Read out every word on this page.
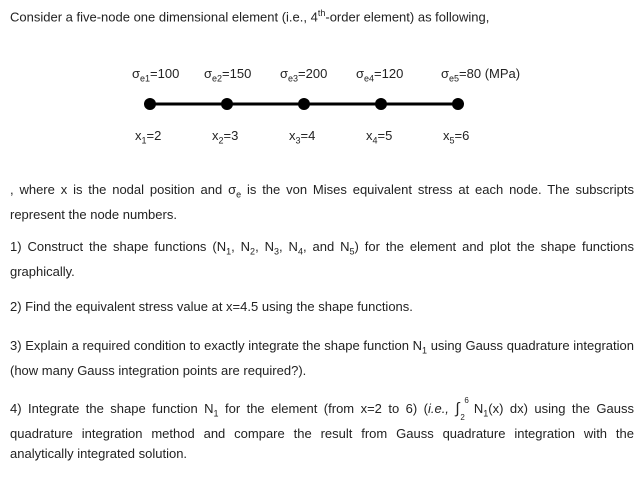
Consider a five-node one dimensional element (i.e., 4th-order element) as following,
$\sigma_{e1}=100$ $\sigma_{e2}=150$ $\sigma_{e3}=200$ $\sigma_{e4}=120$	$\sigma_{e5}=80$ (MPa)
$x_1=2$	$x_2=3$	$x_3=4$	$x_4=5$	$x_5=6$
, where x is the nodal position and $\sigma_e$ is the von Mises equivalent stress at each node. The subscripts represent the node numbers.
1) Construct the shape functions ($N_1$, $N_2$, $N_3$, $N_4$, and $N_5$) for the element and plot the shape functions graphically.
2) Find the equivalent stress value at x=4.5 using the shape functions.
3) Explain a required condition to exactly integrate the shape function $N_1$ using Gauss quadrature integration (how many Gauss integration points are required?).
4) Integrate the shape function $N_1$ for the element (from x=2 to 6) (i.e., ∫ 6
2
$N_1(x)$ dx) using the Gauss quadrature integration method and compare the result from Gauss quadrature integration with the analytically integrated solution.
